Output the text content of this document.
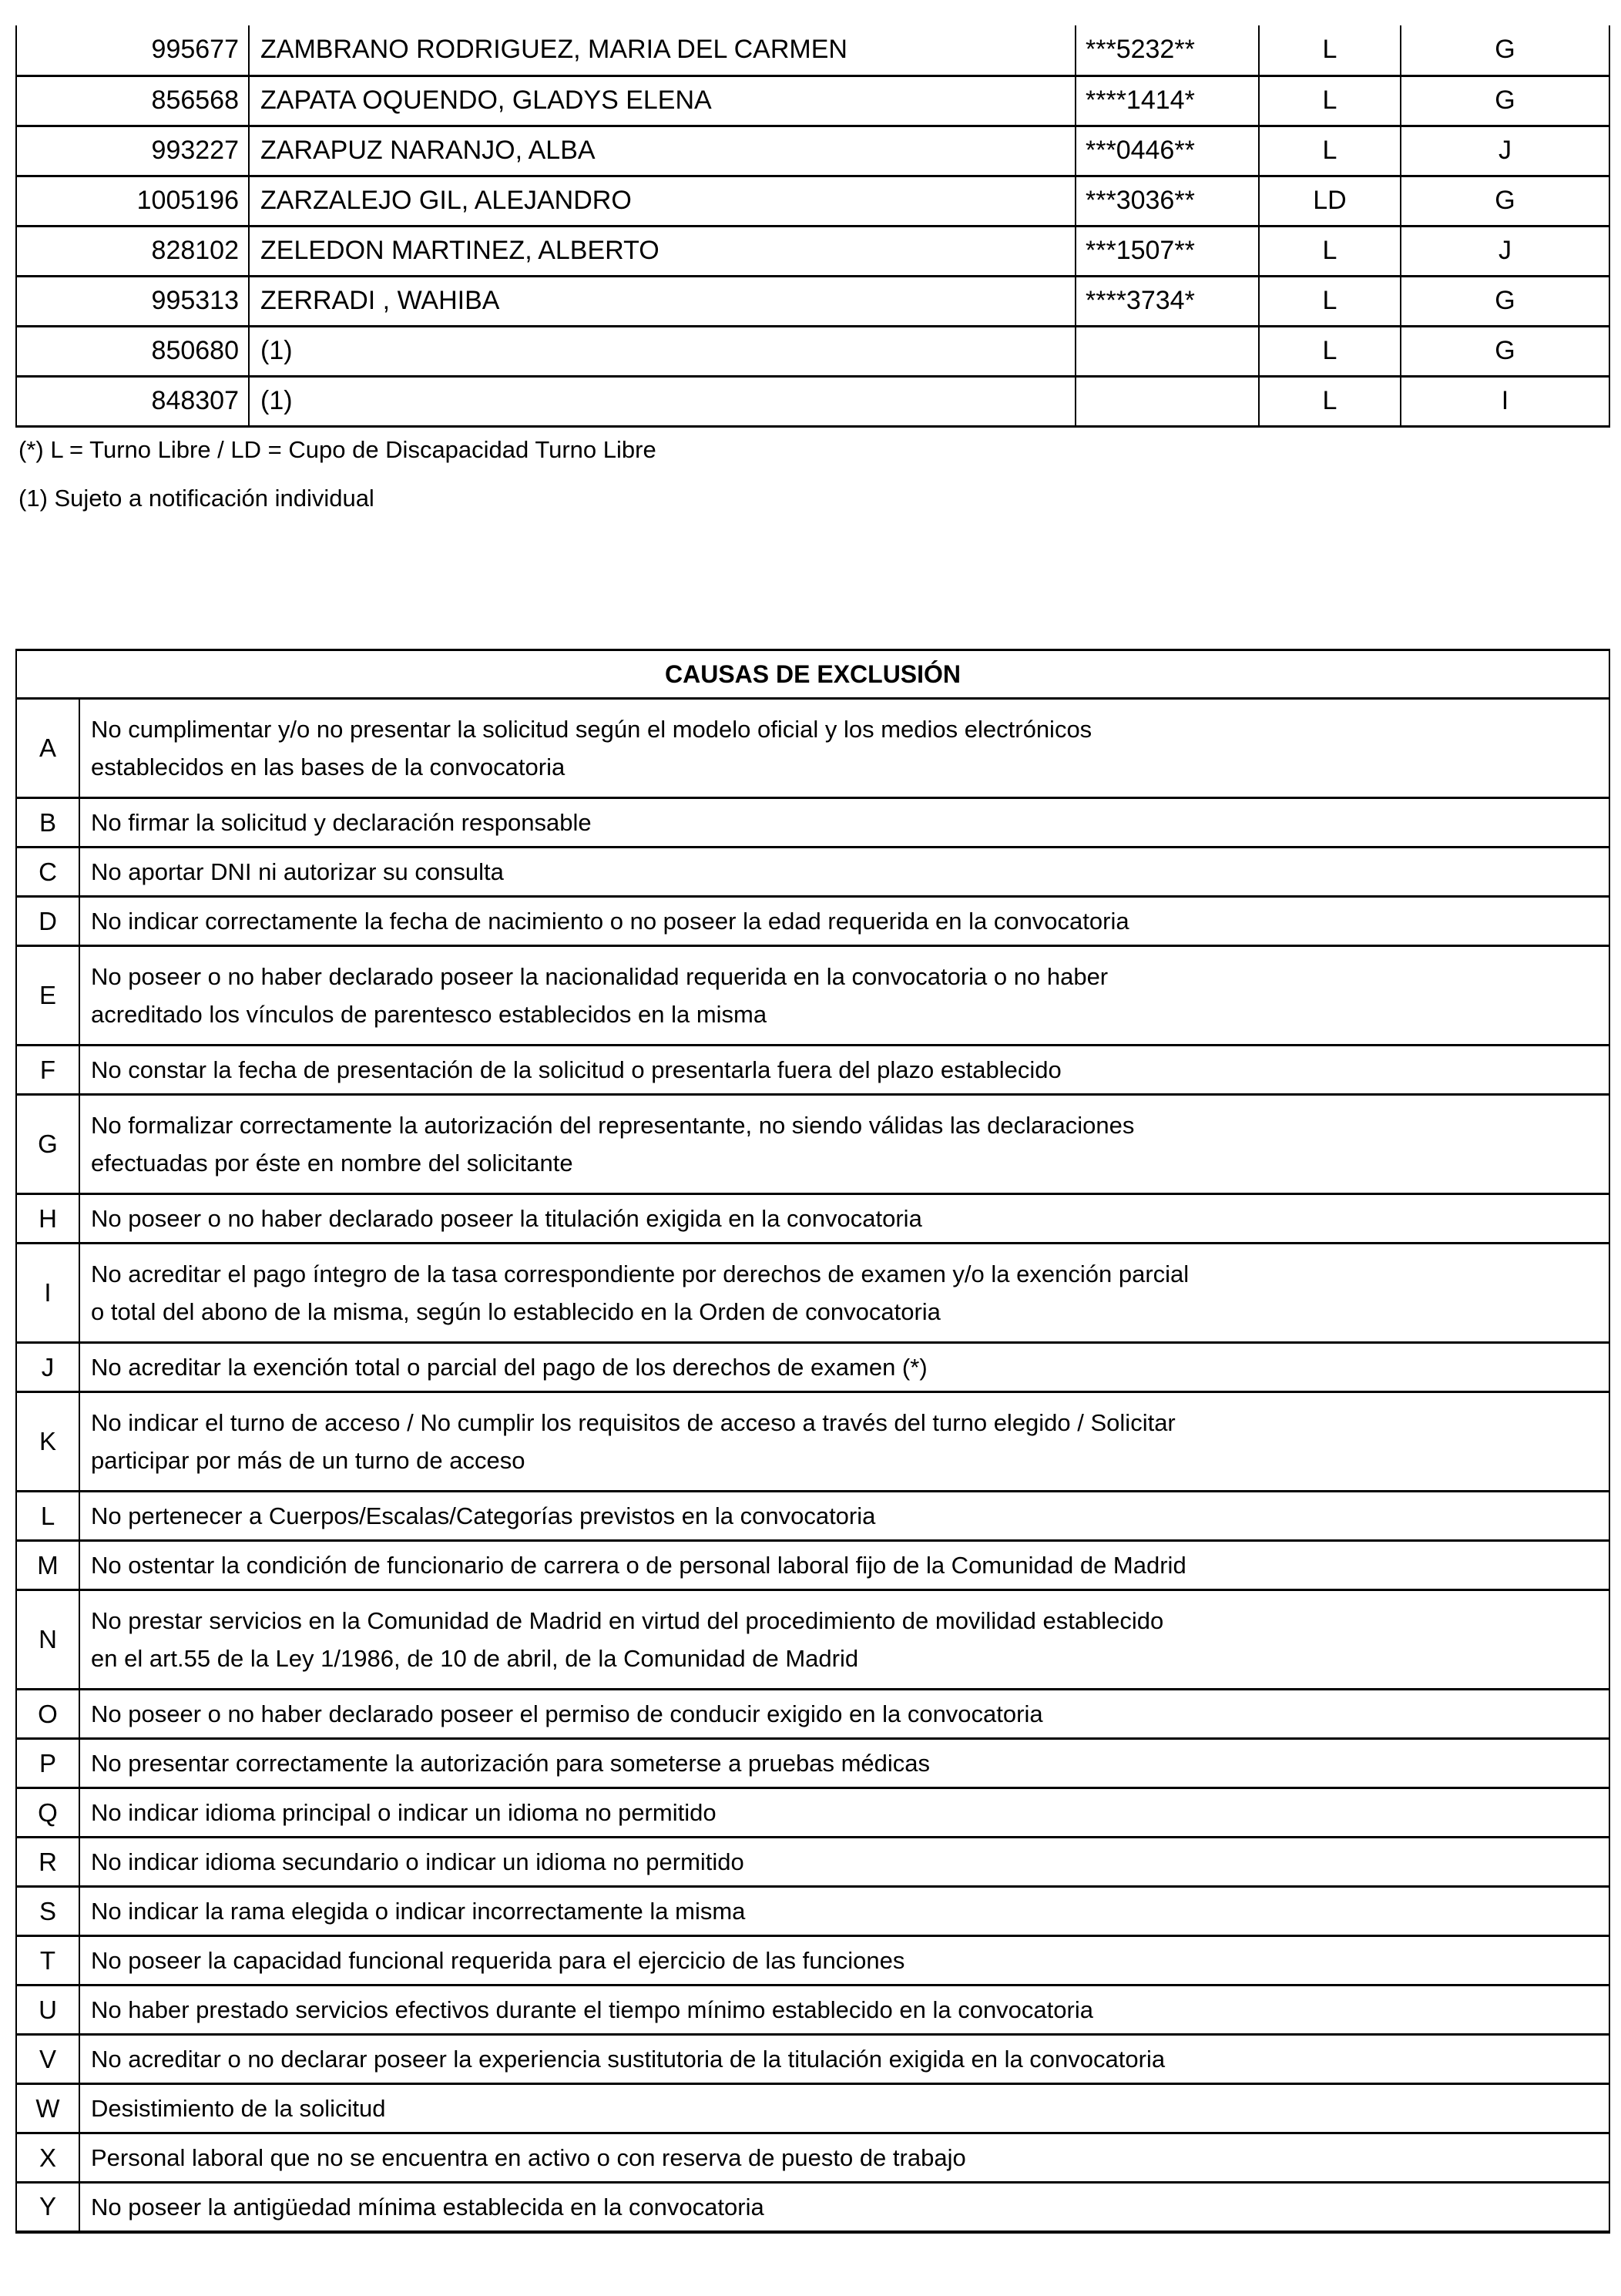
995677	ZAMBRANO RODRIGUEZ, MARIA DEL CARMEN	***5232**	L	G
856568	ZAPATA OQUENDO, GLADYS ELENA	****1414*	L	G
993227	ZARAPUZ NARANJO, ALBA	***0446**	L	J
1005196	ZARZALEJO GIL, ALEJANDRO	***3036**	LD	G
828102	ZELEDON MARTINEZ, ALBERTO	***1507**	L	J
995313	ZERRADI , WAHIBA	****3734*	L	G
850680	(1)		L	G
848307	(1)		L	I
(*) L = Turno Libre / LD = Cupo de Discapacidad Turno Libre
(1) Sujeto a notificación individual
CAUSAS DE EXCLUSIÓN	
A	No cumplimentar y/o no presentar la solicitud según el modelo oficial y los medios electrónicos
establecidos en las bases de la convocatoria

B	No firmar la solicitud y declaración responsable

C	No aportar DNI ni autorizar su consulta

D	No indicar correctamente la fecha de nacimiento o no poseer la edad requerida en la convocatoria

E	No poseer o no haber declarado poseer la nacionalidad requerida en la convocatoria o no haber
acreditado los vínculos de parentesco establecidos en la misma

F	No constar la fecha de presentación de la solicitud o presentarla fuera del plazo establecido

G	No formalizar correctamente la autorización del representante, no siendo válidas las declaraciones
efectuadas por éste en nombre del solicitante

H	No poseer o no haber declarado poseer la titulación exigida en la convocatoria

I	No acreditar el pago íntegro de la tasa correspondiente por derechos de examen y/o la exención parcial
o total del abono de la misma, según lo establecido en la Orden de convocatoria

J	No acreditar la exención total o parcial del pago de los derechos de examen (*)

K	No indicar el turno de acceso / No cumplir los requisitos de acceso a través del turno elegido / Solicitar
participar por más de un turno de acceso

L	No pertenecer a Cuerpos/Escalas/Categorías previstos en la convocatoria

M	No ostentar la condición de funcionario de carrera o de personal laboral fijo de la Comunidad de Madrid

N	No prestar servicios en la Comunidad de Madrid en virtud del procedimiento de movilidad establecido
en el art.55 de la Ley 1/1986, de 10 de abril, de la Comunidad de Madrid

O	No poseer o no haber declarado poseer el permiso de conducir exigido en la convocatoria

P	No presentar correctamente la autorización para someterse a pruebas médicas

Q	No indicar idioma principal o indicar un idioma no permitido

R	No indicar idioma secundario o indicar un idioma no permitido

S	No indicar la rama elegida o indicar incorrectamente la misma

T	No poseer la capacidad funcional requerida para el ejercicio de las funciones

U	No haber prestado servicios efectivos durante el tiempo mínimo establecido en la convocatoria

V	No acreditar o no declarar poseer la experiencia sustitutoria de la titulación exigida en la convocatoria

W	Desistimiento de la solicitud

X	Personal laboral que no se encuentra en activo o con reserva de puesto de trabajo

Y	No poseer la antigüedad mínima establecida en la convocatoria
